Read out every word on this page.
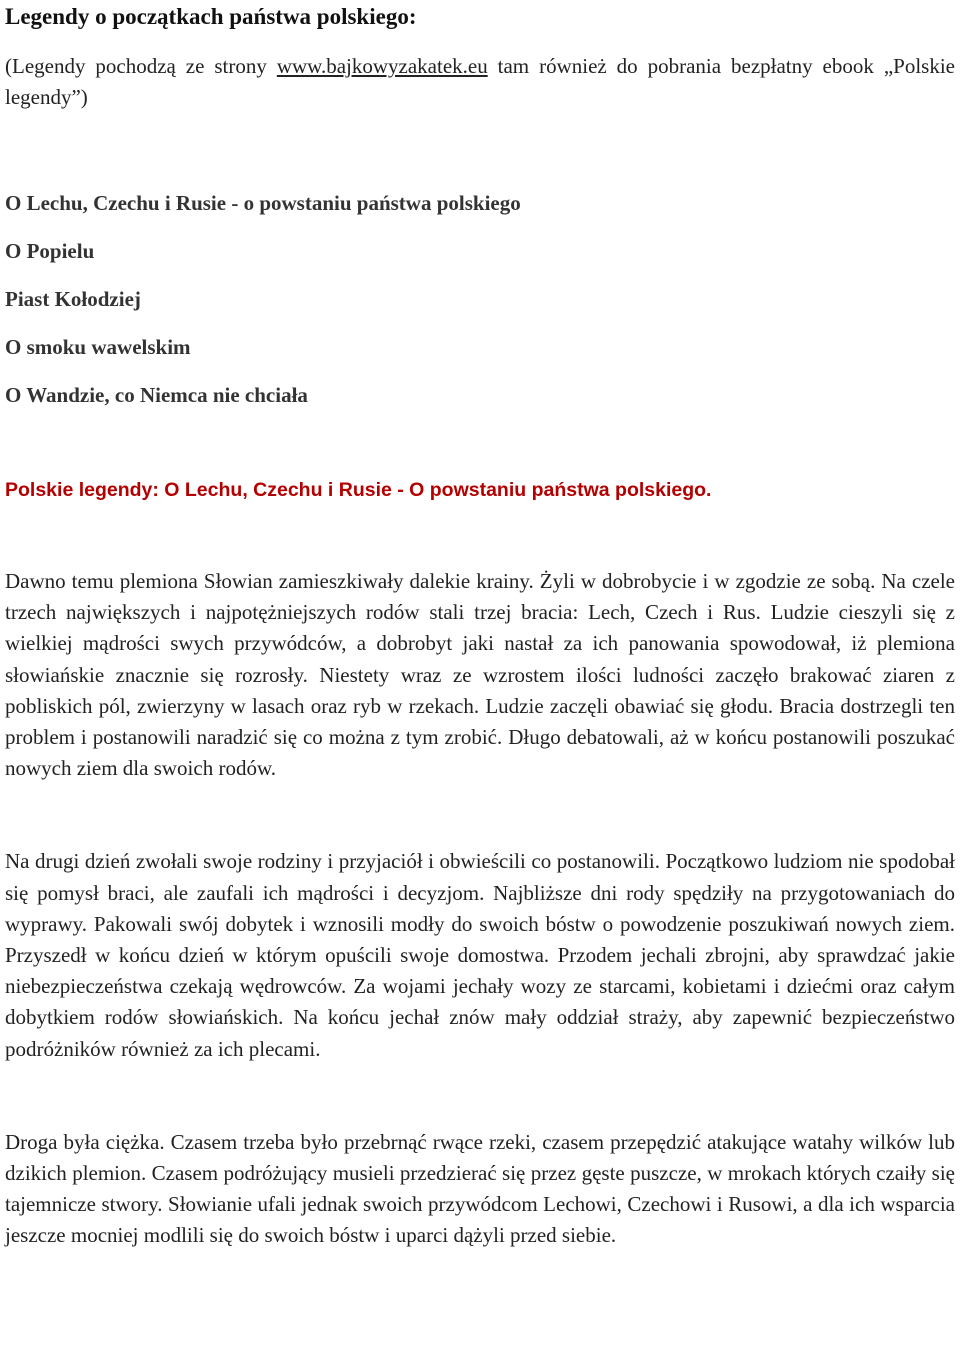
Legendy o początkach państwa polskiego:

(Legendy pochodzą ze strony www.bajkowyzakatek.eu tam również do pobrania bezpłatny ebook „Polskie legendy”)

O Lechu, Czechu i Rusie - o powstaniu państwa polskiego
O Popielu
Piast Kołodziej
O smoku wawelskim
O Wandzie, co Niemca nie chciała
Polskie legendy: O Lechu, Czechu i Rusie - O powstaniu państwa polskiego.

Dawno temu plemiona Słowian zamieszkiwały dalekie krainy. Żyli w dobrobycie i w zgodzie ze sobą. Na czele trzech największych i najpotężniejszych rodów stali trzej bracia: Lech, Czech i Rus. Ludzie cieszyli się z wielkiej mądrości swych przywódców, a dobrobyt jaki nastał za ich panowania spowodował, iż plemiona słowiańskie znacznie się rozrosły. Niestety wraz ze wzrostem ilości ludności zaczęło brakować ziaren z pobliskich pól, zwierzyny w lasach oraz ryb w rzekach. Ludzie zaczęli obawiać się głodu. Bracia dostrzegli ten problem i postanowili naradzić się co można z tym zrobić. Długo debatowali, aż w końcu postanowili poszukać nowych ziem dla swoich rodów.

Na drugi dzień zwołali swoje rodziny i przyjaciół i obwieścili co postanowili. Początkowo ludziom nie spodobał się pomysł braci, ale zaufali ich mądrości i decyzjom. Najbliższe dni rody spędziły na przygotowaniach do wyprawy. Pakowali swój dobytek i wznosili modły do swoich bóstw o powodzenie poszukiwań nowych ziem. Przyszedł w końcu dzień w którym opuścili swoje domostwa. Przodem jechali zbrojni, aby sprawdzać jakie niebezpieczeństwa czekają wędrowców. Za wojami jechały wozy ze starcami, kobietami i dziećmi oraz całym dobytkiem rodów słowiańskich. Na końcu jechał znów mały oddział straży, aby zapewnić bezpieczeństwo podróżników również za ich plecami.

Droga była ciężka. Czasem trzeba było przebrnąć rwące rzeki, czasem przepędzić atakujące watahy wilków lub dzikich plemion. Czasem podróżujący musieli przedzierać się przez gęste puszcze, w mrokach których czaiły się tajemnicze stwory. Słowianie ufali jednak swoich przywódcom Lechowi, Czechowi i Rusowi, a dla ich wsparcia jeszcze mocniej modlili się do swoich bóstw i uparci dążyli przed siebie.
